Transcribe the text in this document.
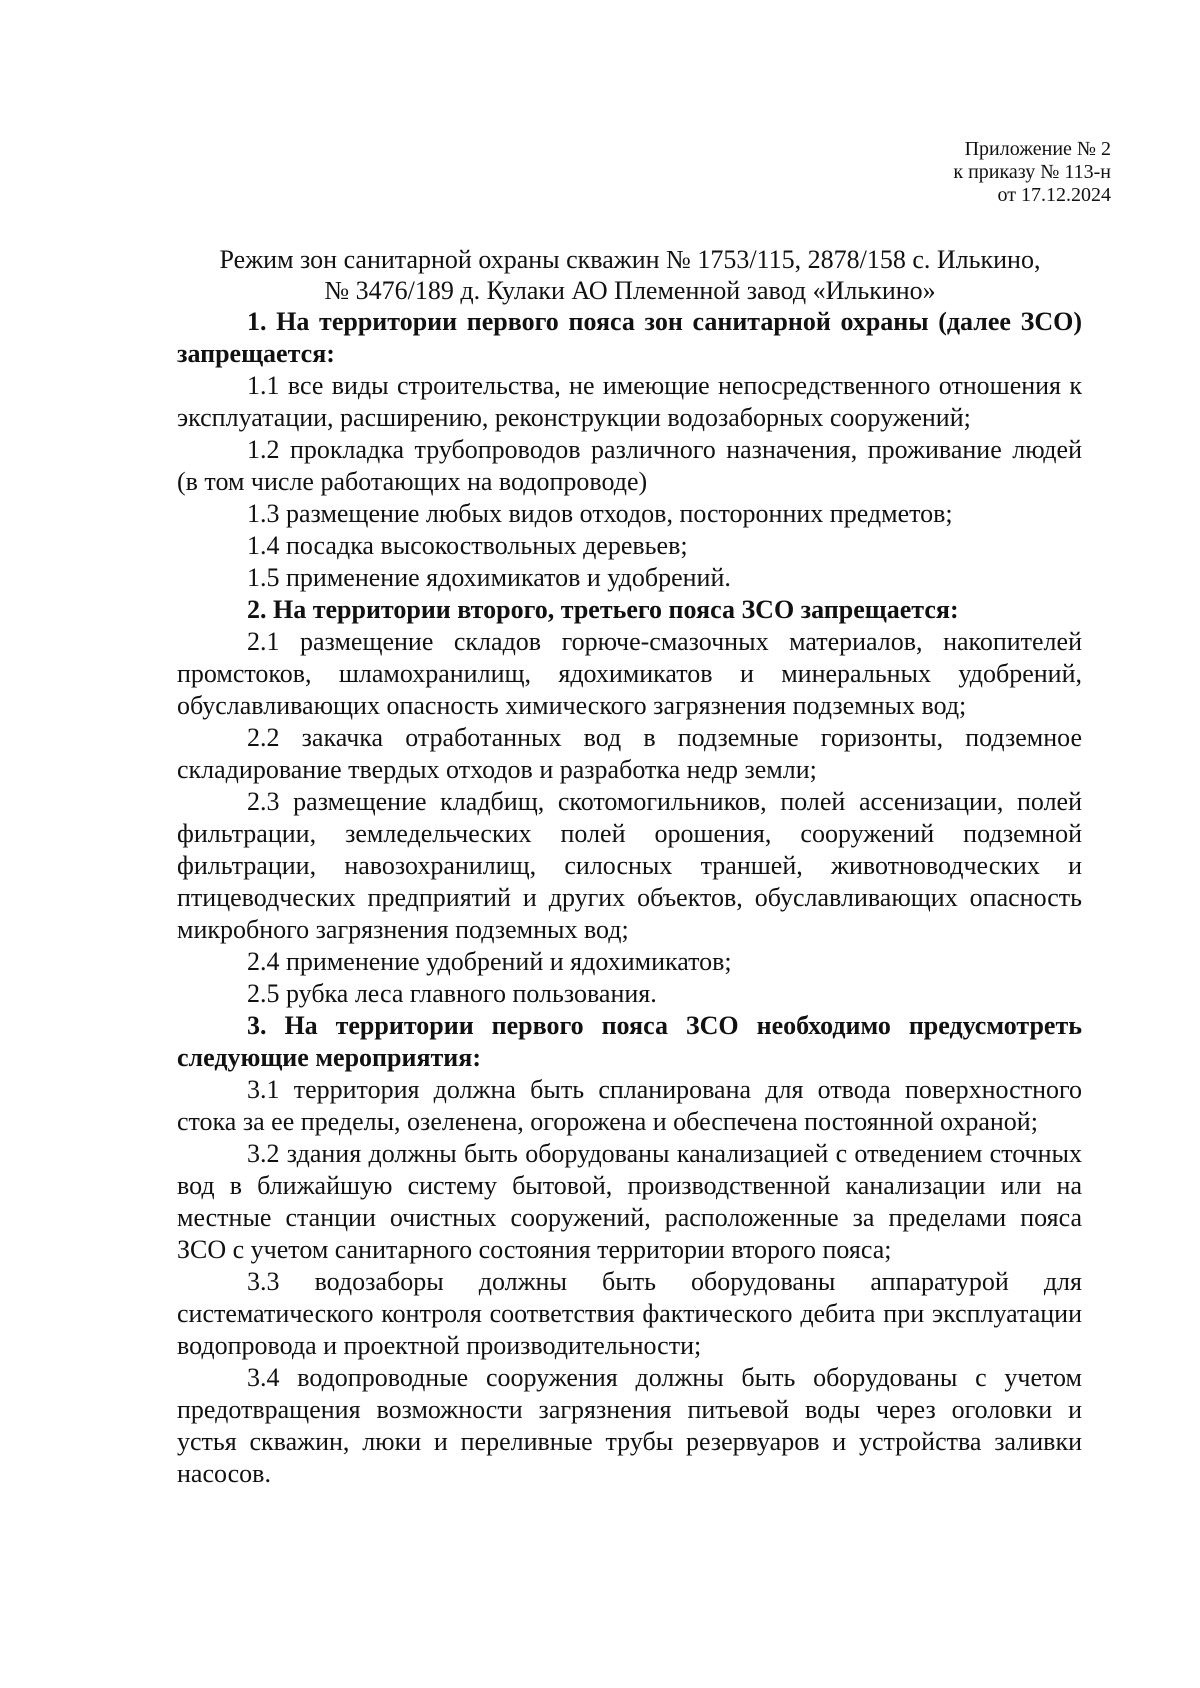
Приложение № 2
к приказу № 113-н
от 17.12.2024
Режим зон санитарной охраны скважин № 1753/115, 2878/158 с. Илькино,
№ 3476/189 д. Кулаки АО Племенной завод «Илькино»

1. На территории первого пояса зон санитарной охраны (далее ЗСО) запрещается:

1.1 все виды строительства, не имеющие непосредственного отношения к эксплуатации, расширению, реконструкции водозаборных сооружений;

1.2 прокладка трубопроводов различного назначения, проживание людей (в том числе работающих на водопроводе)

1.3 размещение любых видов отходов, посторонних предметов;

1.4 посадка высокоствольных деревьев;

1.5 применение ядохимикатов и удобрений.

2. На территории второго, третьего пояса ЗСО запрещается:

2.1 размещение складов горюче-смазочных материалов, накопителей промстоков, шламохранилищ, ядохимикатов и минеральных удобрений, обуславливающих опасность химического загрязнения подземных вод;

2.2 закачка отработанных вод в подземные горизонты, подземное складирование твердых отходов и разработка недр земли;

2.3 размещение кладбищ, скотомогильников, полей ассенизации, полей фильтрации, земледельческих полей орошения, сооружений подземной фильтрации, навозохранилищ, силосных траншей, животноводческих и птицеводческих предприятий и других объектов, обуславливающих опасность микробного загрязнения подземных вод;

2.4 применение удобрений и ядохимикатов;

2.5 рубка леса главного пользования.

3. На территории первого пояса ЗСО необходимо предусмотреть следующие мероприятия:

3.1 территория должна быть спланирована для отвода поверхностного стока за ее пределы, озеленена, огорожена и обеспечена постоянной охраной;

3.2 здания должны быть оборудованы канализацией с отведением сточных вод в ближайшую систему бытовой, производственной канализации или на местные станции очистных сооружений, расположенные за пределами пояса ЗСО с учетом санитарного состояния территории второго пояса;

3.3 водозаборы должны быть оборудованы аппаратурой для систематического контроля соответствия фактического дебита при эксплуатации водопровода и проектной производительности;

3.4 водопроводные сооружения должны быть оборудованы с учетом предотвращения возможности загрязнения питьевой воды через оголовки и устья скважин, люки и переливные трубы резервуаров и устройства заливки насосов.
